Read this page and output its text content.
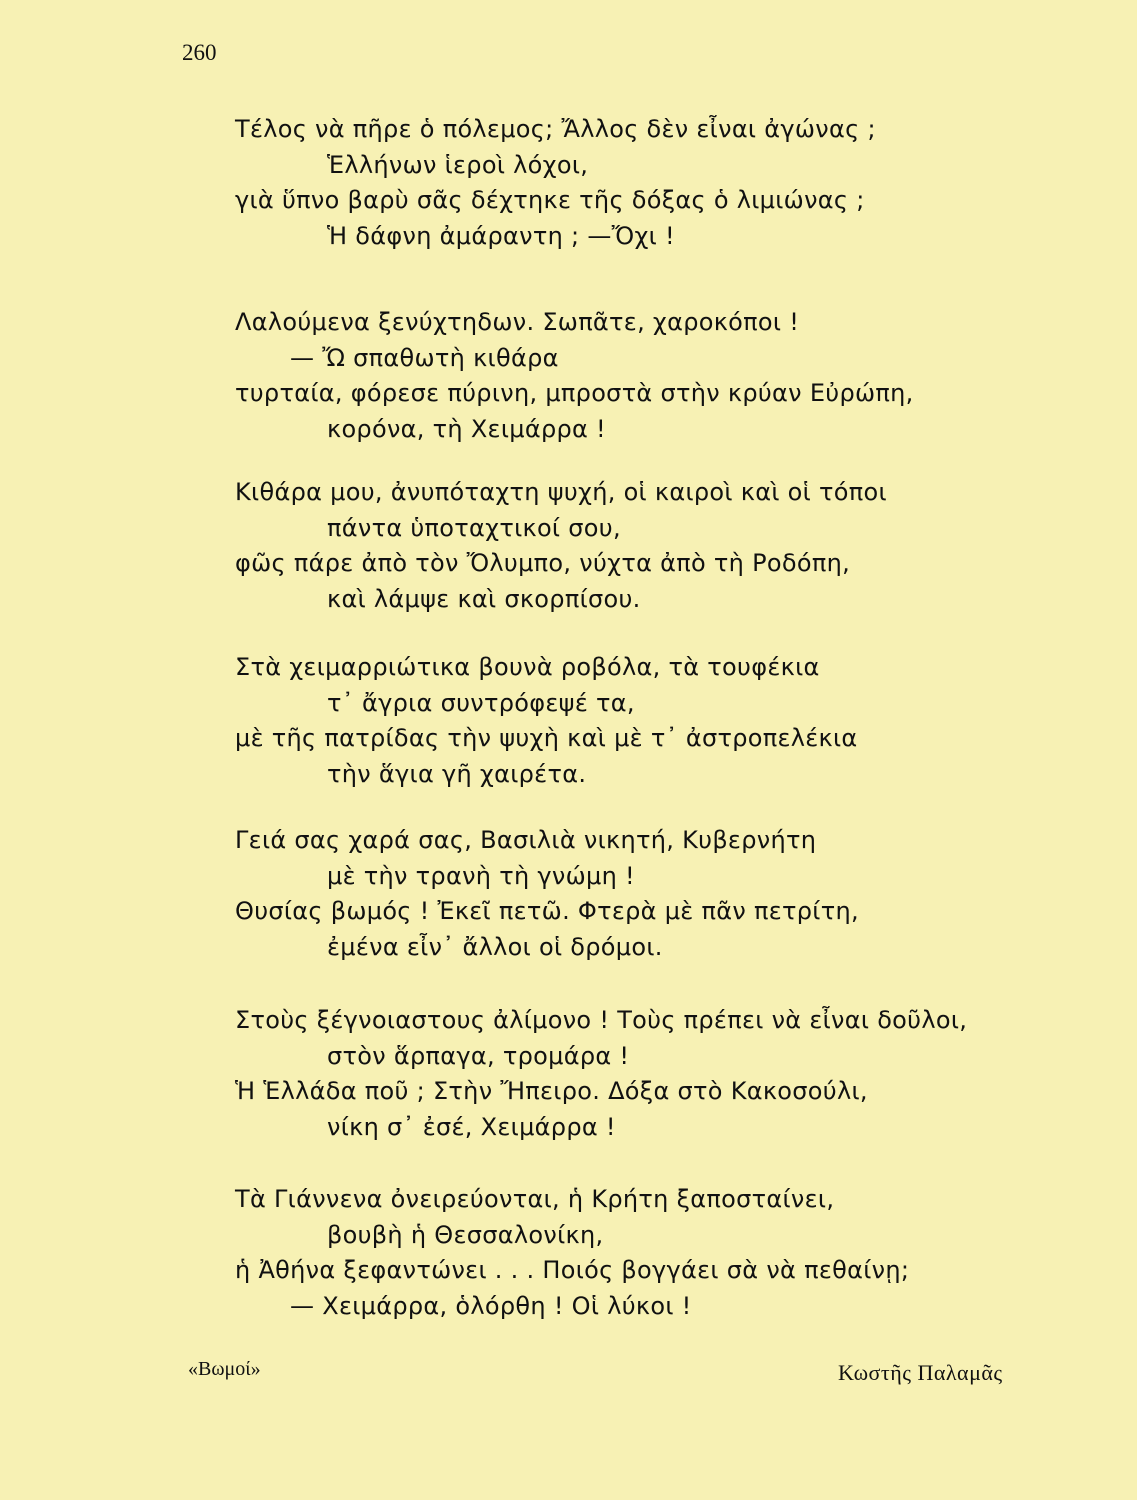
260
Τέλος νὰ πῆρε ὁ πόλεμος; Ἄλλος δὲν εἶναι ἀγώνας ;
Ἑλλήνων ἱεροὶ λόχοι,
γιὰ ὕπνο βαρὺ σᾶς δέχτηκε τῆς δόξας ὁ λιμιώνας ;
Ἡ δάφνη ἀμάραντη ; —Ὄχι !
Λαλούμενα ξενύχτηδων. Σωπᾶτε, χαροκόποι !
— Ὤ σπαθωτὴ κιθάρα
τυρταία, φόρεσε πύρινη, μπροστὰ στὴν κρύαν Εὐρώπη,
κορόνα, τὴ Χειμάρρα !
Κιθάρα μου, ἀνυπόταχτη ψυχή, οἱ καιροὶ καὶ οἱ τόποι
πάντα ὑποταχτικοί σου,
φῶς πάρε ἀπὸ τὸν Ὄλυμπο, νύχτα ἀπὸ τὴ Ροδόπη,
καὶ λάμψε καὶ σκορπίσου.
Στὰ χειμαρριώτικα βουνὰ ροβόλα, τὰ τουφέκια
τ᾽ ἄγρια συντρόφεψέ τα,
μὲ τῆς πατρίδας τὴν ψυχὴ καὶ μὲ τ᾽ ἀστροπελέκια
τὴν ἅγια γῆ χαιρέτα.
Γειά σας χαρά σας, Βασιλιὰ νικητή, Κυβερνήτη
μὲ τὴν τρανὴ τὴ γνώμη !
Θυσίας βωμός ! Ἐκεῖ πετῶ. Φτερὰ μὲ πᾶν πετρίτη,
ἐμένα εἶν᾽ ἄλλοι οἱ δρόμοι.
Στοὺς ξέγνοιαστους ἀλίμονο ! Τοὺς πρέπει νὰ εἶναι δοῦλοι,
στὸν ἅρπαγα, τρομάρα !
Ἡ Ἑλλάδα ποῦ ; Στὴν Ἤπειρο. Δόξα στὸ Κακοσούλι,
νίκη σ᾽ ἐσέ, Χειμάρρα !
Τὰ Γιάννενα ὀνειρεύονται, ἡ Κρήτη ξαποσταίνει,
βουβὴ ἡ Θεσσαλονίκη,
ἡ Ἀθήνα ξεφαντώνει . . . Ποιός βογγάει σὰ νὰ πεθαίνῃ;
— Χειμάρρα, ὁλόρθη ! Οἱ λύκοι !
«Βωμοί»	Κωστῆς Παλαμᾶς
